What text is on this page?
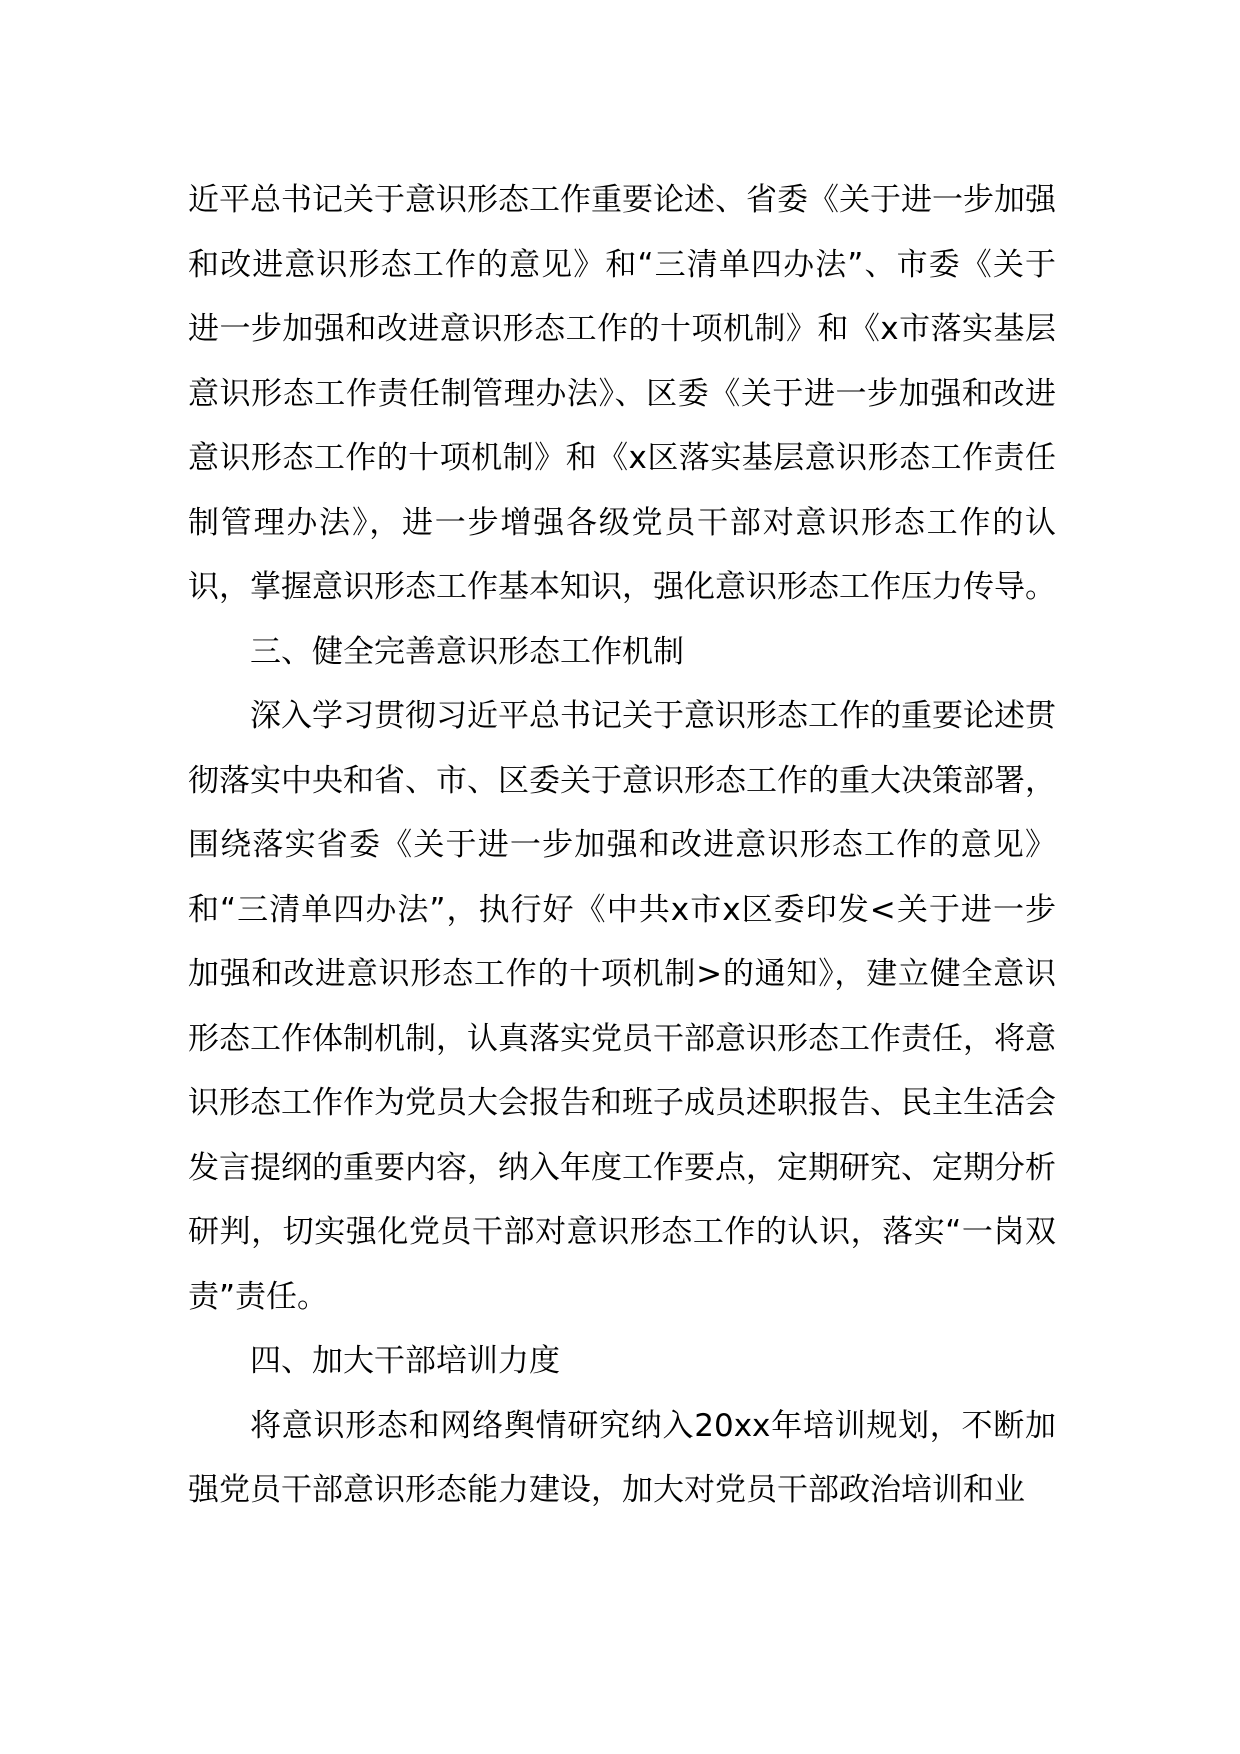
近平总书记关于意识形态工作重要论述、省委《关于进一步加强和改进意识形态工作的意见》和“三清单四办法”、市委《关于进一步加强和改进意识形态工作的十项机制》和《x市落实基层意识形态工作责任制管理办法》、区委《关于进一步加强和改进意识形态工作的十项机制》和《x区落实基层意识形态工作责任制管理办法》，进一步增强各级党员干部对意识形态工作的认识，掌握意识形态工作基本知识，强化意识形态工作压力传导。

三、健全完善意识形态工作机制

深入学习贯彻习近平总书记关于意识形态工作的重要论述贯彻落实中央和省、市、区委关于意识形态工作的重大决策部署，围绕落实省委《关于进一步加强和改进意识形态工作的意见》和“三清单四办法”，执行好《中共x市x区委印发<关于进一步加强和改进意识形态工作的十项机制>的通知》，建立健全意识形态工作体制机制，认真落实党员干部意识形态工作责任，将意识形态工作作为党员大会报告和班子成员述职报告、民主生活会发言提纲的重要内容，纳入年度工作要点，定期研究、定期分析研判，切实强化党员干部对意识形态工作的认识，落实“一岗双责”责任。

四、加大干部培训力度

将意识形态和网络舆情研究纳入20xx年培训规划，不断加强党员干部意识形态能力建设，加大对党员干部政治培训和业
